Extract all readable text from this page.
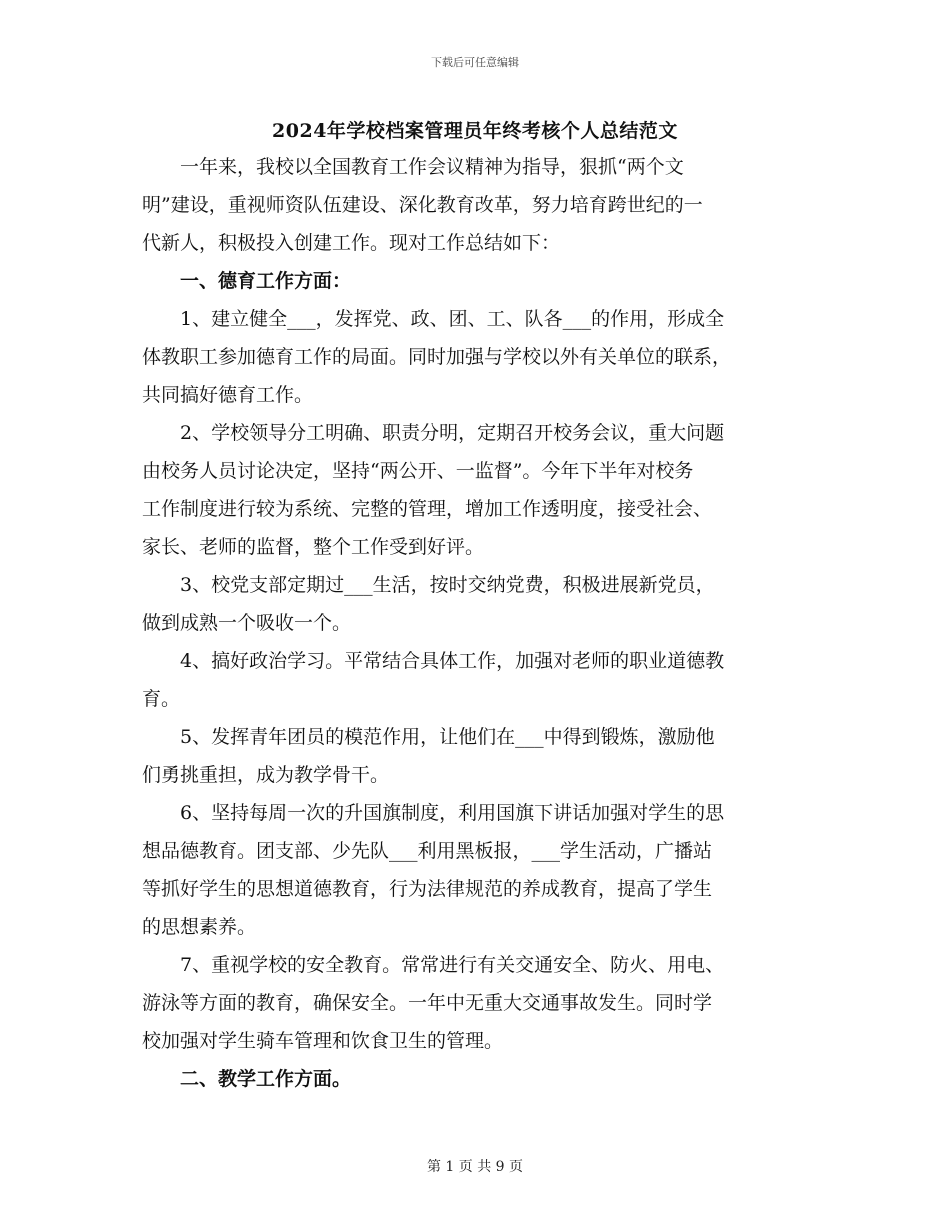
下载后可任意编辑
2024年学校档案管理员年终考核个人总结范文

一年来，我校以全国教育工作会议精神为指导，狠抓“两个文
明”建设，重视师资队伍建设、深化教育改革，努力培育跨世纪的一
代新人，积极投入创建工作。现对工作总结如下：

一、德育工作方面：

1、建立健全___，发挥党、政、团、工、队各___的作用，形成全
体教职工参加德育工作的局面。同时加强与学校以外有关单位的联系，
共同搞好德育工作。

2、学校领导分工明确、职责分明，定期召开校务会议，重大问题
由校务人员讨论决定，坚持“两公开、一监督”。今年下半年对校务
工作制度进行较为系统、完整的管理，增加工作透明度，接受社会、
家长、老师的监督，整个工作受到好评。

3、校党支部定期过___生活，按时交纳党费，积极进展新党员，
做到成熟一个吸收一个。

4、搞好政治学习。平常结合具体工作，加强对老师的职业道德教
育。

5、发挥青年团员的模范作用，让他们在___中得到锻炼，激励他
们勇挑重担，成为教学骨干。

6、坚持每周一次的升国旗制度，利用国旗下讲话加强对学生的思
想品德教育。团支部、少先队___利用黑板报，___学生活动，广播站
等抓好学生的思想道德教育，行为法律规范的养成教育，提高了学生
的思想素养。

7、重视学校的安全教育。常常进行有关交通安全、防火、用电、
游泳等方面的教育，确保安全。一年中无重大交通事故发生。同时学
校加强对学生骑车管理和饮食卫生的管理。

二、教学工作方面。

第 1 页 共 9 页
